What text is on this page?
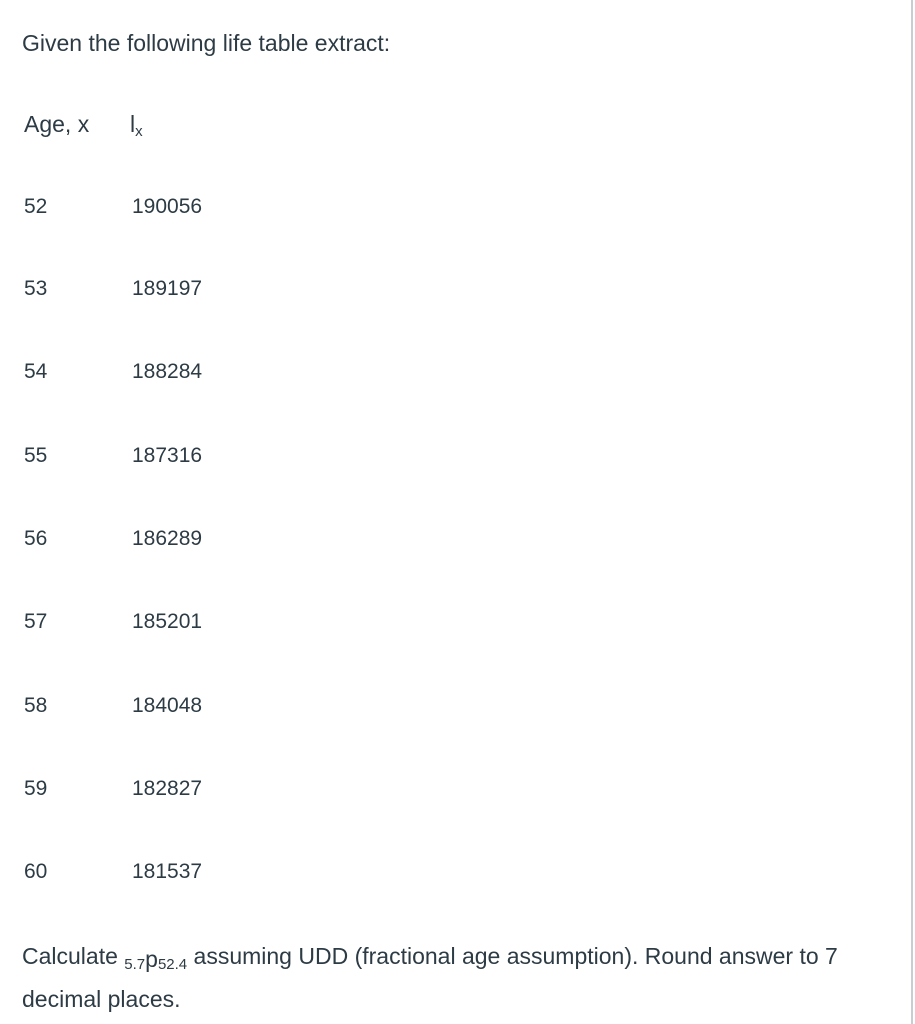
Given the following life table extract:

Age, x $l_x$
52	190056
53	189197
54	188284
55	187316
56	186289
57	185201
58	184048
59	182827
60	181537

Calculate $_{5.7}p_{52.4}$ assuming UDD (fractional age assumption). Round answer to 7 decimal places.
